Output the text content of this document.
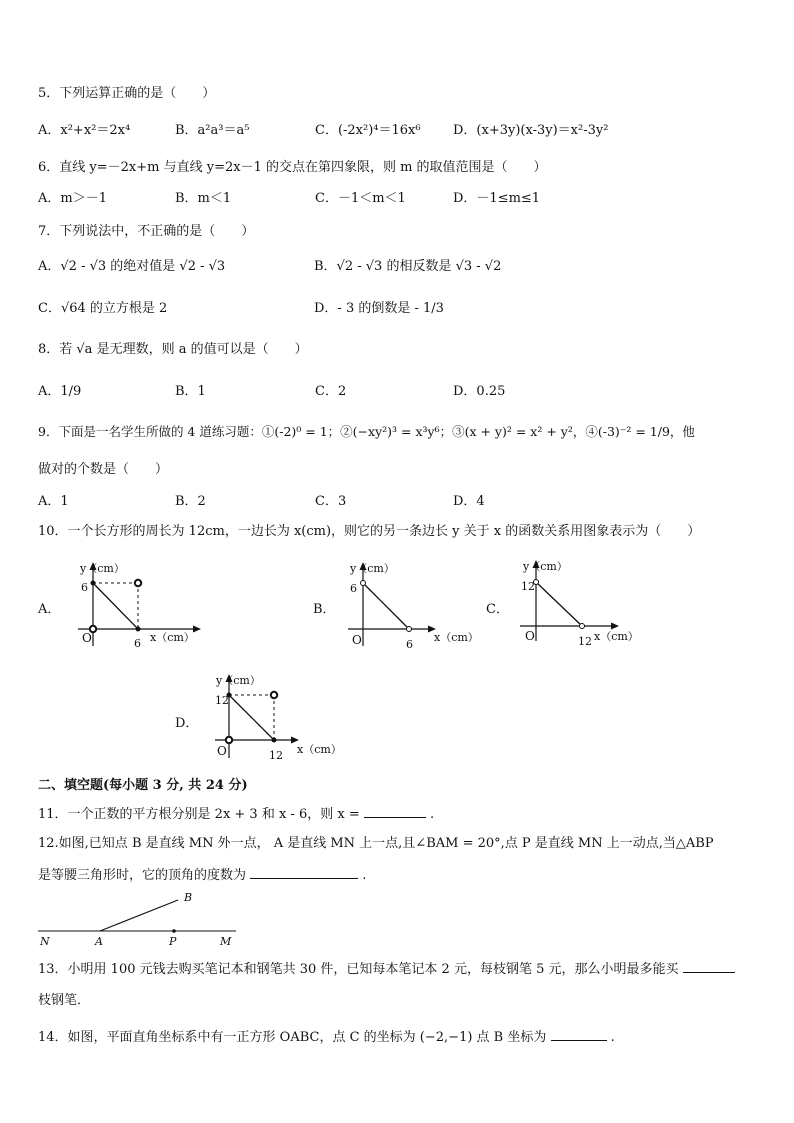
5．下列运算正确的是（　　）
A．x²+x²＝2x⁴	B．a²a³＝a⁵	C．(-2x²)⁴＝16x⁶ D．(x+3y)(x-3y)＝x²-3y²
6．直线 y=－2x+m 与直线 y=2x－1 的交点在第四象限，则 m 的取值范围是（　　）
A．m＞－1	B．m＜1	C．－1＜m＜1	D．－1≤m≤1
7．下列说法中，不正确的是（　　）
A．√2 - √3 的绝对值是 √2 - √3	B．√2 - √3 的相反数是 √3 - √2
C．√64 的立方根是 2	D．- 3 的倒数是 - 1/3
8．若 √a 是无理数，则 a 的值可以是（　　）
A．1/9	B．1	C．2	D．0.25
9．下面是一名学生所做的 4 道练习题：①(-2)⁰ = 1；②(−xy²)³ = x³y⁶；③(x + y)² = x² + y²，④(-3)⁻² = 1/9，他
做对的个数是（　　）
A．1	B．2	C．3	D．4
10．一个长方形的周长为 12cm，一边长为 x(cm)，则它的另一条边长 y 关于 x 的函数关系用图象表示为（　　）
A．
y（cm）
x（cm）
O
6
6
B．
y（cm）
x（cm）
O
6
6
C．
y（cm）
x（cm）
O
12
12
D．
y（cm）
x（cm）
O
12
12
二、填空题(每小题 3 分, 共 24 分)
11．一个正数的平方根分别是 2x + 3 和 x - 6，则 x =	.
12.如图,已知点 B 是直线 MN 外一点， A 是直线 MN 上一点,且∠BAM = 20°,点 P 是直线 MN 上一动点,当△ABP
是等腰三角形时，它的顶角的度数为	.
B
N	A	P	M
13．小明用 100 元钱去购买笔记本和钢笔共 30 件，已知每本笔记本 2 元，每枝钢笔 5 元，那么小明最多能买
枝钢笔．
14．如图，平面直角坐标系中有一正方形 OABC，点 C 的坐标为 (−2,−1) 点 B 坐标为	.
